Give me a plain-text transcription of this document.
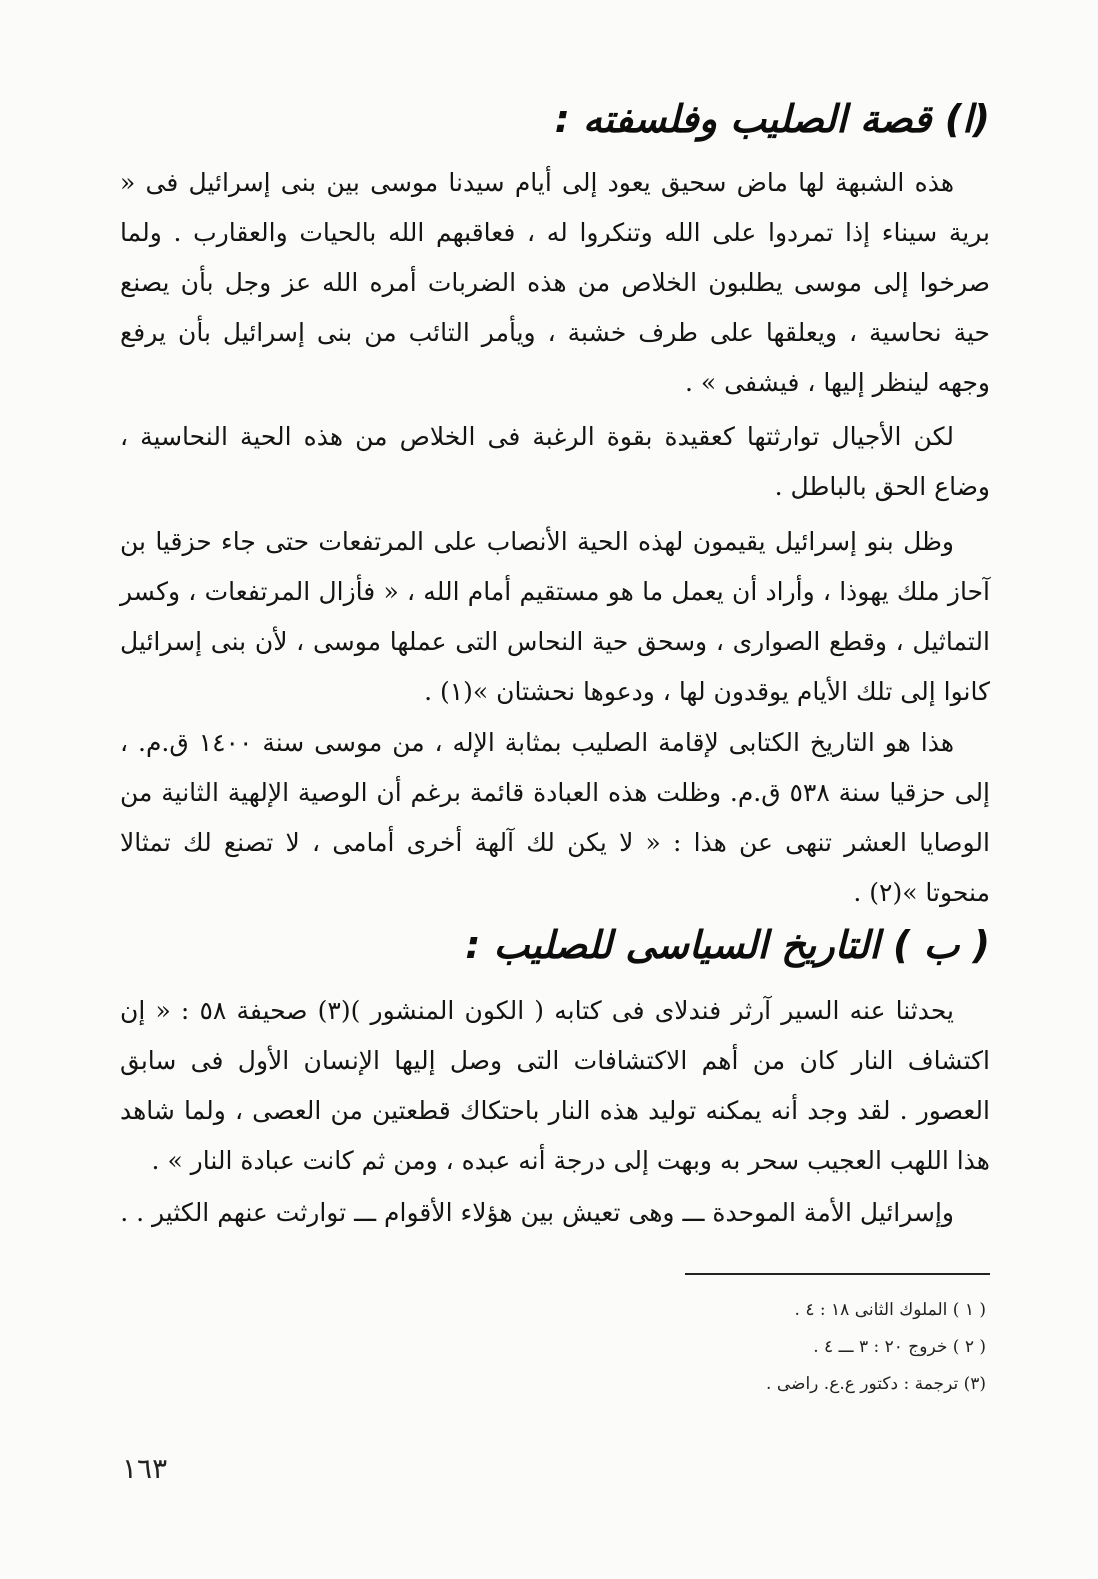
(ا) قصة الصليب وفلسفته :

هذه الشبهة لها ماض سحيق يعود إلى أيام سيدنا موسى بين بنى إسرائيل فى « برية سيناء إذا تمردوا على الله وتنكروا له ، فعاقبهم الله بالحيات والعقارب . ولما صرخوا إلى موسى يطلبون الخلاص من هذه الضربات أمره الله عز وجل بأن يصنع حية نحاسية ، ويعلقها على طرف خشبة ، ويأمر التائب من بنى إسرائيل بأن يرفع وجهه لينظر إليها ، فيشفى » .

لكن الأجيال توارثتها كعقيدة بقوة الرغبة فى الخلاص من هذه الحية النحاسية ، وضاع الحق بالباطل .

وظل بنو إسرائيل يقيمون لهذه الحية الأنصاب على المرتفعات حتى جاء حزقيا بن آحاز ملك يهوذا ، وأراد أن يعمل ما هو مستقيم أمام الله ، « فأزال المرتفعات ، وكسر التماثيل ، وقطع الصوارى ، وسحق حية النحاس التى عملها موسى ، لأن بنى إسرائيل كانوا إلى تلك الأيام يوقدون لها ، ودعوها نحشتان »(١) .

هذا هو التاريخ الكتابى لإقامة الصليب بمثابة الإله ، من موسى سنة ١٤٠٠ ق.م. ، إلى حزقيا سنة ٥٣٨ ق.م. وظلت هذه العبادة قائمة برغم أن الوصية الإلهية الثانية من الوصايا العشر تنهى عن هذا : « لا يكن لك آلهة أخرى أمامى ، لا تصنع لك تمثالا منحوتا »(٢) .

( ب ) التاريخ السياسى للصليب :

يحدثنا عنه السير آرثر فندلاى فى كتابه ( الكون المنشور )(٣) صحيفة ٥٨ : « إن اكتشاف النار كان من أهم الاكتشافات التى وصل إليها الإنسان الأول فى سابق العصور . لقد وجد أنه يمكنه توليد هذه النار باحتكاك قطعتين من العصى ، ولما شاهد هذا اللهب العجيب سحر به وبهت إلى درجة أنه عبده ، ومن ثم كانت عبادة النار » .

وإسرائيل الأمة الموحدة ـــ وهى تعيش بين هؤلاء الأقوام ـــ توارثت عنهم الكثير . .

( ١ ) الملوك الثانى ١٨ : ٤ .
( ٢ ) خروج ٢٠ : ٣ ـــ ٤ .
(٣) ترجمة : دكتور ع.ع. راضى .
١٦٣
